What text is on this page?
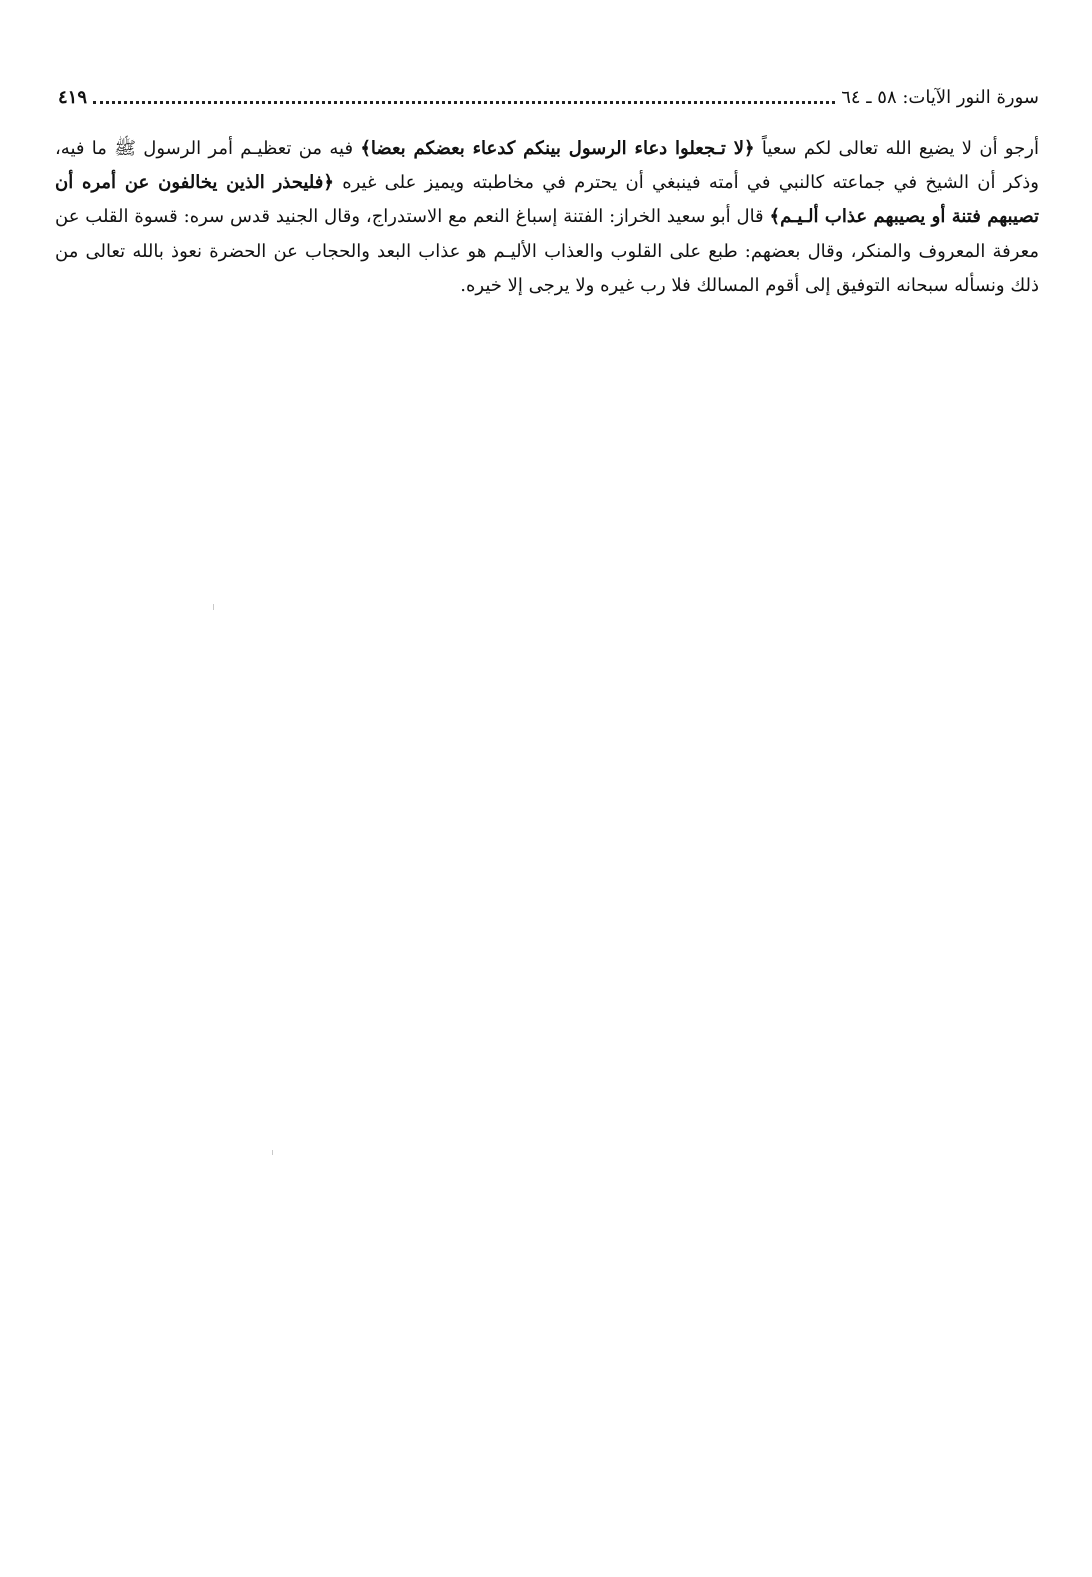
سورة النور الآيات: ٥٨ ـ ٦٤
٤١٩

أرجو أن لا يضيع الله تعالى لكم سعياً ﴿لا تـجعلوا دعاء الرسول بينكم كدعاء بعضكم بعضا﴾ فيه من تعظيـم أمر الرسول ﷺ ما فيه، وذكر أن الشيخ في جماعته كالنبي في أمته فينبغي أن يحترم في مخاطبته ويميز على غيره ﴿فليحذر الذين يخالفون عن أمره أن تصيبهم فتنة أو يصيبهم عذاب ألـيـم﴾ قال أبو سعيد الخراز: الفتنة إسباغ النعم مع الاستدراج، وقال الجنيد قدس سره: قسوة القلب عن معرفة المعروف والمنكر، وقال بعضهم: طبع على القلوب والعذاب الأليـم هو عذاب البعد والحجاب عن الحضرة نعوذ بالله تعالى من ذلك ونسأله سبحانه التوفيق إلى أقوم المسالك فلا رب غيره ولا يرجى إلا خيره.
